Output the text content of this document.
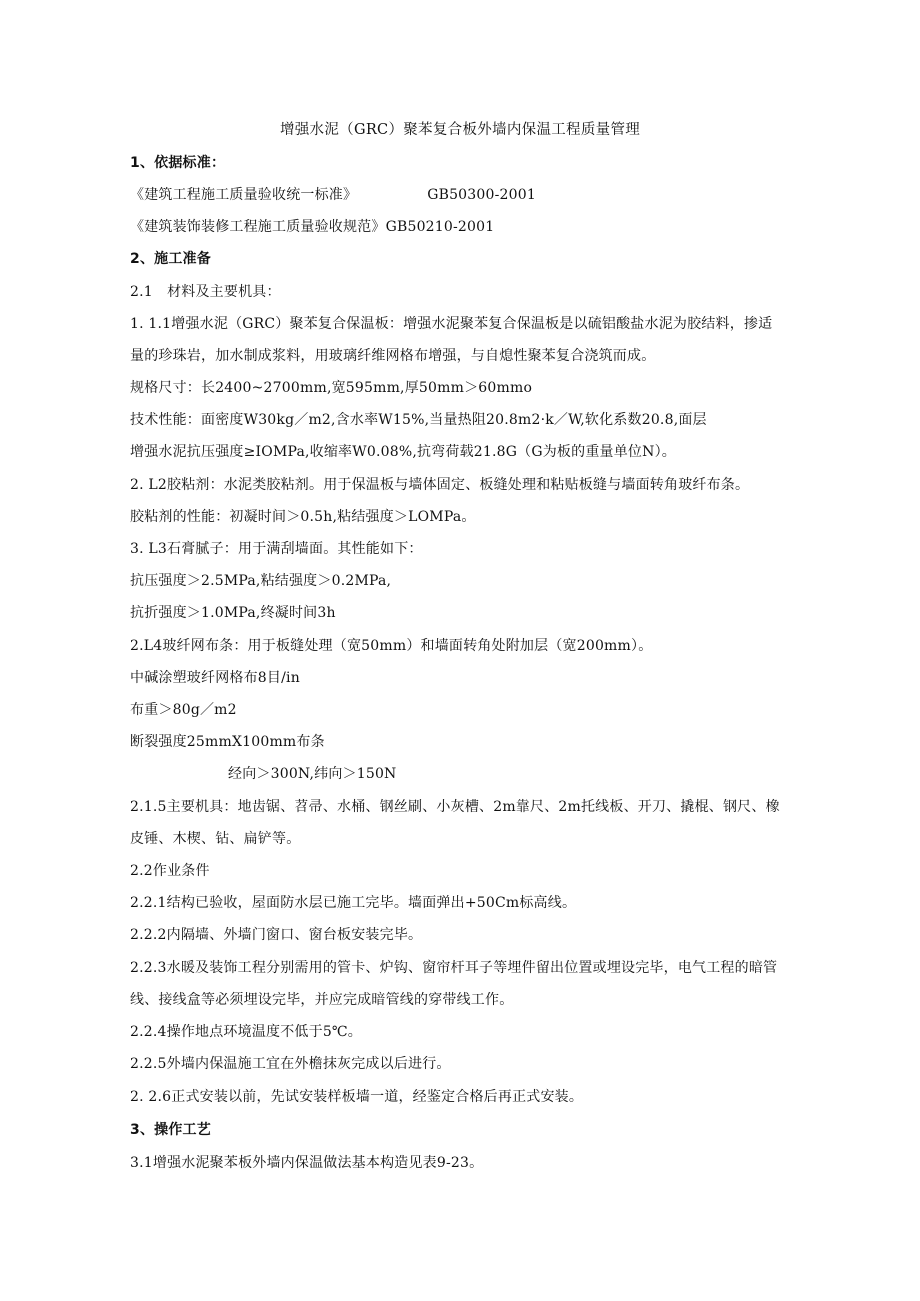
增强水泥（GRC）聚苯复合板外墙内保温工程质量管理
1、依据标准：
《建筑工程施工质量验收统一标准》	GB50300-2001
《建筑装饰装修工程施工质量验收规范》GB50210-2001
2、施工准备
2.1　材料及主要机具：
1. 1.1增强水泥（GRC）聚苯复合保温板：增强水泥聚苯复合保温板是以硫铝酸盐水泥为胶结料，掺适
量的珍珠岩，加水制成浆料，用玻璃纤维网格布增强，与自熄性聚苯复合浇筑而成。
规格尺寸：长2400~2700mm,宽595mm,厚50mm＞60mmo
技术性能：面密度W30kg／m2,含水率W15%,当量热阻20.8m2·k／W,软化系数20.8,面层
增强水泥抗压强度≥IOMPa,收缩率W0.08%,抗弯荷载21.8G（G为板的重量单位N）。
2. L2胶粘剂：水泥类胶粘剂。用于保温板与墙体固定、板缝处理和粘贴板缝与墙面转角玻纤布条。
胶粘剂的性能：初凝时间＞0.5h,粘结强度＞LOMPa。
3. L3石膏腻子：用于满刮墙面。其性能如下：
抗压强度＞2.5MPa,粘结强度＞0.2MPa,
抗折强度＞1.0MPa,终凝时间3h
2.L4玻纤网布条：用于板缝处理（宽50mm）和墙面转角处附加层（宽200mm）。
中碱涂塑玻纤网格布8目/in
布重＞80g／m2
断裂强度25mmX100mm布条
经向＞300N,纬向＞150N
2.1.5主要机具：地齿锯、苕帚、水桶、钢丝刷、小灰槽、2m靠尺、2m托线板、开刀、撬棍、钢尺、橡
皮锤、木楔、钻、扁铲等。
2.2作业条件
2.2.1结构已验收，屋面防水层已施工完毕。墙面弹出+50Cm标高线。
2.2.2内隔墙、外墙门窗口、窗台板安装完毕。
2.2.3水暖及装饰工程分别需用的管卡、炉钩、窗帘杆耳子等埋件留出位置或埋设完毕，电气工程的暗管
线、接线盒等必须埋设完毕，并应完成暗管线的穿带线工作。
2.2.4操作地点环境温度不低于5℃。
2.2.5外墙内保温施工宜在外檐抹灰完成以后进行。
2. 2.6正式安装以前，先试安装样板墙一道，经鉴定合格后再正式安装。
3、操作工艺
3.1增强水泥聚苯板外墙内保温做法基本构造见表9-23。
